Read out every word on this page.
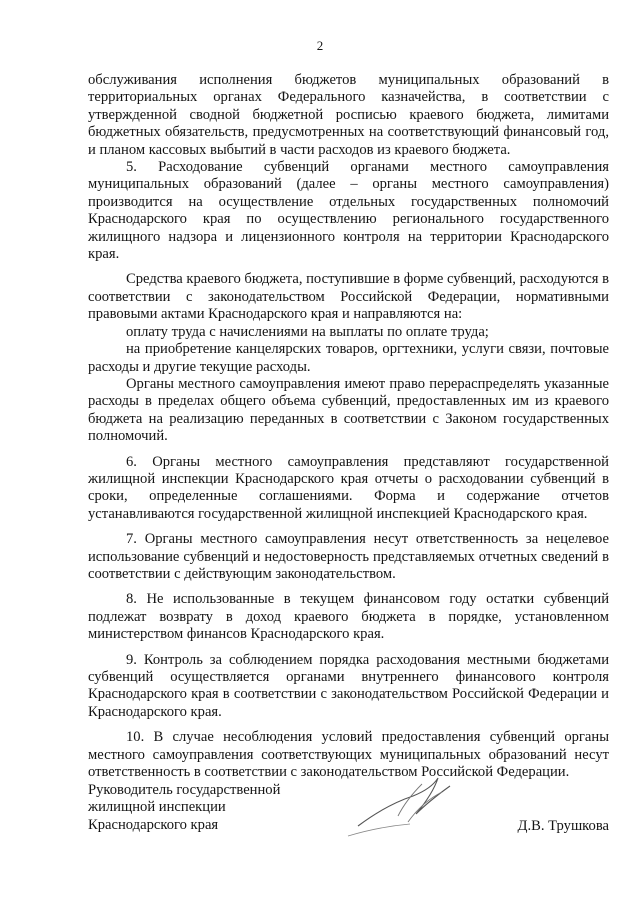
2

обслуживания исполнения бюджетов муниципальных образований в территориальных органах Федерального казначейства, в соответствии с утвержденной сводной бюджетной росписью краевого бюджета, лимитами бюджетных обязательств, предусмотренных на соответствующий финансовый год, и планом кассовых выбытий в части расходов из краевого бюджета.

5. Расходование субвенций органами местного самоуправления муниципальных образований (далее – органы местного самоуправления) производится на осуществление отдельных государственных полномочий Краснодарского края по осуществлению регионального государственного жилищного надзора и лицензионного контроля на территории Краснодарского края.

Средства краевого бюджета, поступившие в форме субвенций, расходуются в соответствии с законодательством Российской Федерации, нормативными правовыми актами Краснодарского края и направляются на:

оплату труда с начислениями на выплаты по оплате труда;

на приобретение канцелярских товаров, оргтехники, услуги связи, почтовые расходы и другие текущие расходы.

Органы местного самоуправления имеют право перераспределять указанные расходы в пределах общего объема субвенций, предоставленных им из краевого бюджета на реализацию переданных в соответствии с Законом государственных полномочий.

6. Органы местного самоуправления представляют государственной жилищной инспекции Краснодарского края отчеты о расходовании субвенций в сроки, определенные соглашениями. Форма и содержание отчетов устанавливаются государственной жилищной инспекцией Краснодарского края.

7. Органы местного самоуправления несут ответственность за нецелевое использование субвенций и недостоверность представляемых отчетных сведений в соответствии с действующим законодательством.

8. Не использованные в текущем финансовом году остатки субвенций подлежат возврату в доход краевого бюджета в порядке, установленном министерством финансов Краснодарского края.

9. Контроль за соблюдением порядка расходования местными бюджетами субвенций осуществляется органами внутреннего финансового контроля Краснодарского края в соответствии с законодательством Российской Федерации и Краснодарского края.

10. В случае несоблюдения условий предоставления субвенций органы местного самоуправления соответствующих муниципальных образований несут ответственность в соответствии с законодательством Российской Федерации.

Руководитель государственной
жилищной инспекции
Краснодарского края	Д.В. Трушкова
